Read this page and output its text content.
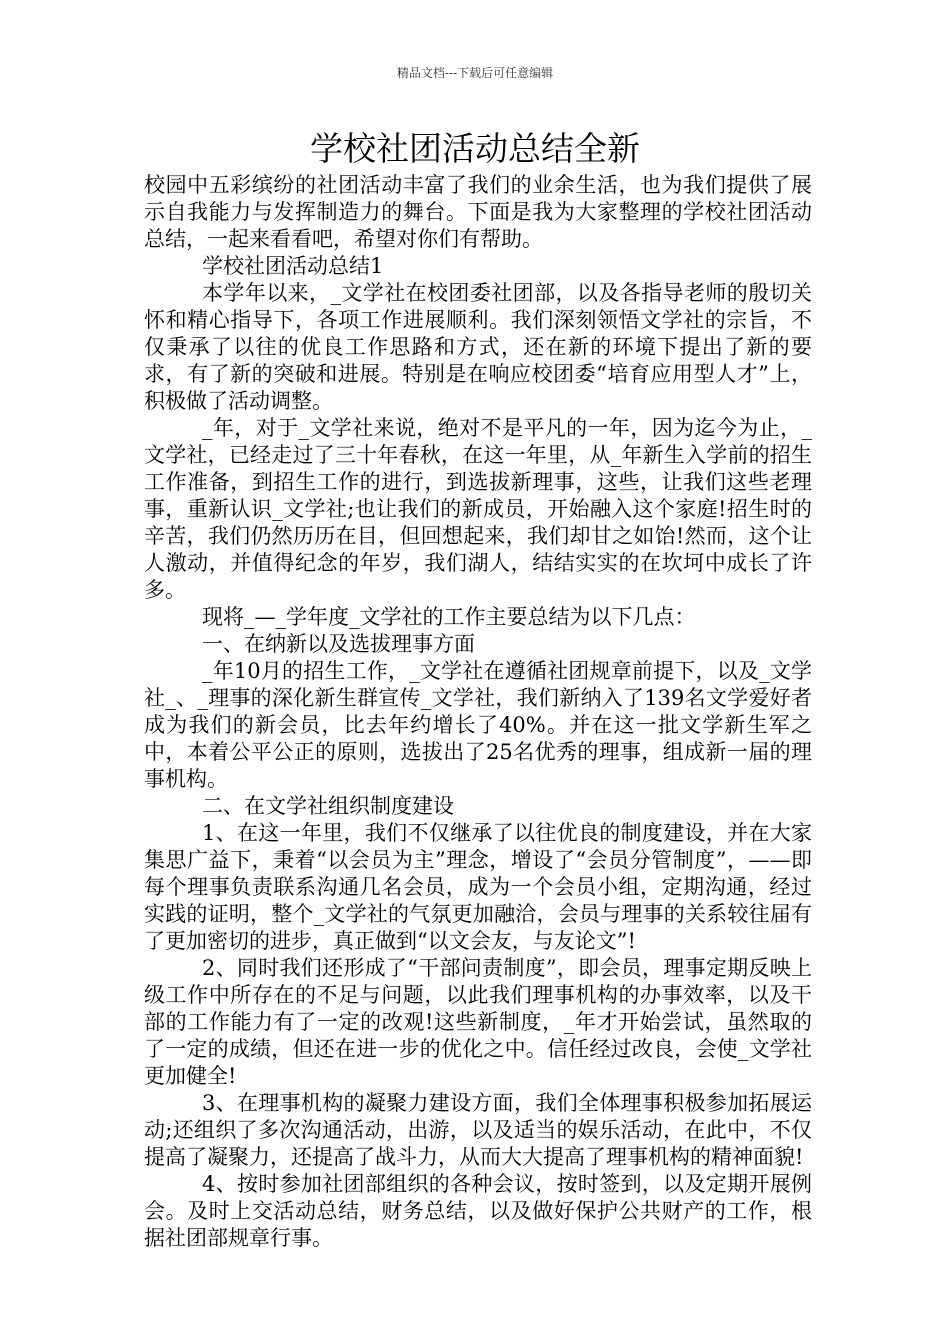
精品文档---下载后可任意编辑
学校社团活动总结全新

校园中五彩缤纷的社团活动丰富了我们的业余生活，也为我们提供了展示自我能力与发挥制造力的舞台。下面是我为大家整理的学校社团活动总结，一起来看看吧，希望对你们有帮助。

学校社团活动总结1

本学年以来，_文学社在校团委社团部，以及各指导老师的殷切关怀和精心指导下，各项工作进展顺利。我们深刻领悟文学社的宗旨，不仅秉承了以往的优良工作思路和方式，还在新的环境下提出了新的要求，有了新的突破和进展。特别是在响应校团委“培育应用型人才”上，积极做了活动调整。

_年，对于_文学社来说，绝对不是平凡的一年，因为迄今为止，_文学社，已经走过了三十年春秋，在这一年里，从_年新生入学前的招生工作准备，到招生工作的进行，到选拔新理事，这些，让我们这些老理事，重新认识_文学社;也让我们的新成员，开始融入这个家庭!招生时的辛苦，我们仍然历历在目，但回想起来，我们却甘之如饴!然而，这个让人激动，并值得纪念的年岁，我们湖人，结结实实的在坎坷中成长了许多。

现将_—_学年度_文学社的工作主要总结为以下几点：

一、在纳新以及选拔理事方面

_年10月的招生工作，_文学社在遵循社团规章前提下，以及_文学社_、_理事的深化新生群宣传_文学社，我们新纳入了139名文学爱好者成为我们的新会员，比去年约增长了40%。并在这一批文学新生军之中，本着公平公正的原则，选拔出了25名优秀的理事，组成新一届的理事机构。

二、在文学社组织制度建设

1、在这一年里，我们不仅继承了以往优良的制度建设，并在大家集思广益下，秉着“以会员为主”理念，增设了“会员分管制度”，——即每个理事负责联系沟通几名会员，成为一个会员小组，定期沟通，经过实践的证明，整个_文学社的气氛更加融洽，会员与理事的关系较往届有了更加密切的进步，真正做到“以文会友，与友论文”!

2、同时我们还形成了“干部问责制度”，即会员，理事定期反映上级工作中所存在的不足与问题，以此我们理事机构的办事效率，以及干部的工作能力有了一定的改观!这些新制度，_年才开始尝试，虽然取的了一定的成绩，但还在进一步的优化之中。信任经过改良，会使_文学社更加健全!

3、在理事机构的凝聚力建设方面，我们全体理事积极参加拓展运动;还组织了多次沟通活动，出游，以及适当的娱乐活动，在此中，不仅提高了凝聚力，还提高了战斗力，从而大大提高了理事机构的精神面貌!

4、按时参加社团部组织的各种会议，按时签到，以及定期开展例会。及时上交活动总结，财务总结，以及做好保护公共财产的工作，根据社团部规章行事。
